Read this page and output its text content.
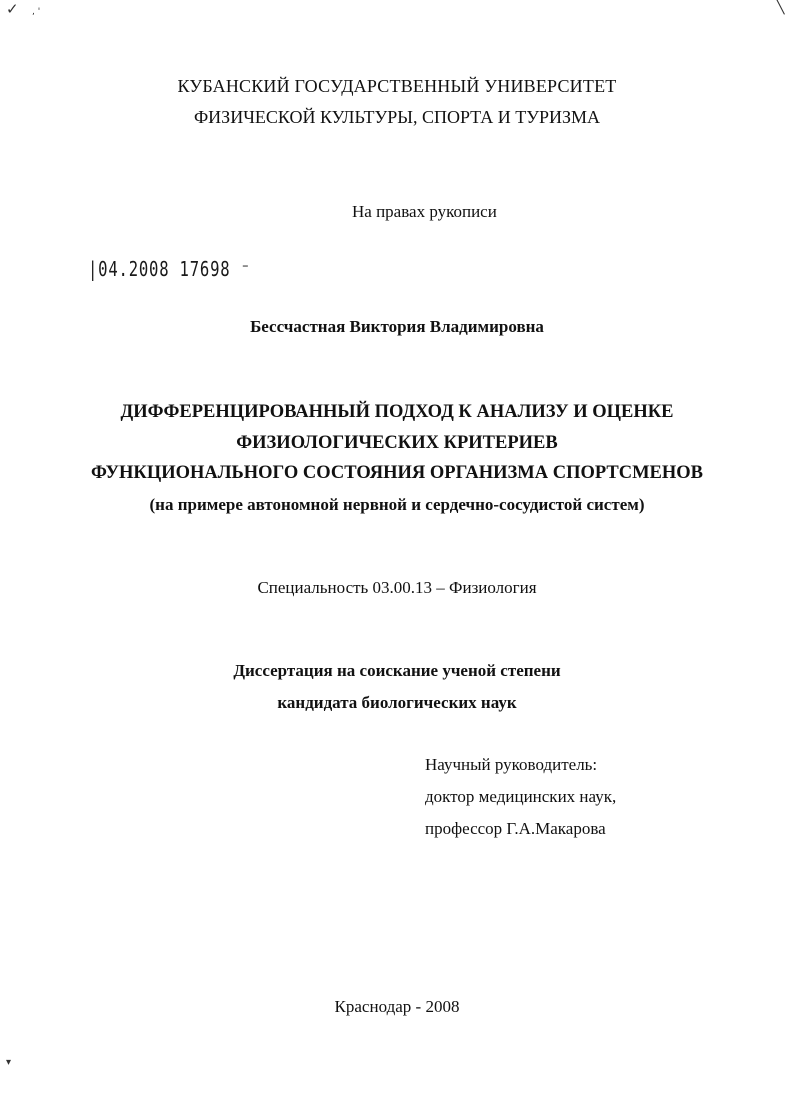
✓ , '	╲
▾
КУБАНСКИЙ ГОСУДАРСТВЕННЫЙ УНИВЕРСИТЕТ
ФИЗИЧЕСКОЙ КУЛЬТУРЫ, СПОРТА И ТУРИЗМА
На правах рукописи
|04.2008 17698 ⁻
Бессчастная Виктория Владимировна
ДИФФЕРЕНЦИРОВАННЫЙ ПОДХОД К АНАЛИЗУ И ОЦЕНКЕ
ФИЗИОЛОГИЧЕСКИХ КРИТЕРИЕВ
ФУНКЦИОНАЛЬНОГО СОСТОЯНИЯ ОРГАНИЗМА СПОРТСМЕНОВ
(на примере автономной нервной и сердечно-сосудистой систем)
Специальность 03.00.13 – Физиология
Диссертация на соискание ученой степени
кандидата биологических наук
Научный руководитель:
доктор медицинских наук,
профессор Г.А.Макарова
Краснодар - 2008
